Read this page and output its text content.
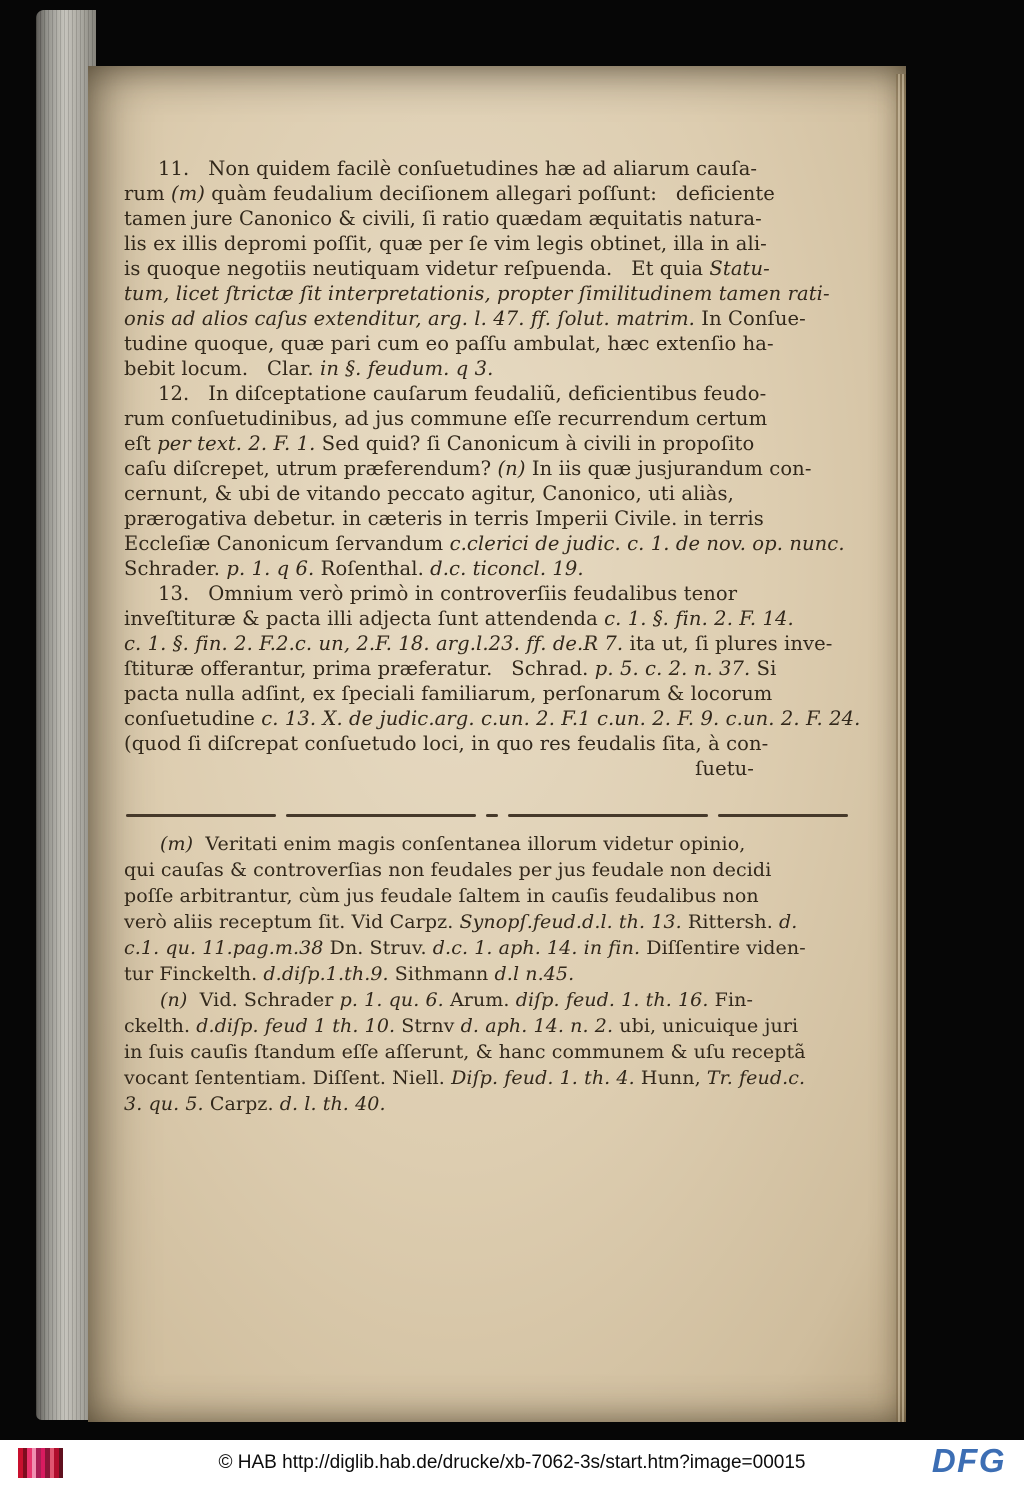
11.   Non quidem facilè conſuetudines hæ ad aliarum cauſa-
rum (m) quàm feudalium deciſionem allegari poſſunt:   deficiente
tamen jure Canonico & civili, ſi ratio quædam æquitatis natura-
lis ex illis depromi poſſit, quæ per ſe vim legis obtinet, illa in ali-
is quoque negotiis neutiquam videtur reſpuenda.   Et quia Statu-
tum, licet ſtrictæ ſit interpretationis, propter ſimilitudinem tamen rati-
onis ad alios caſus extenditur, arg. l. 47. ff. ſolut. matrim. In Conſue-
tudine quoque, quæ pari cum eo paſſu ambulat, hæc extenſio ha-
bebit locum.   Clar. in §. feudum. q 3.
12.   In diſceptatione cauſarum feudaliũ, deficientibus feudo-
rum conſuetudinibus, ad jus commune eſſe recurrendum certum
eſt per text. 2. F. 1. Sed quid? ſi Canonicum à civili in propoſito
caſu diſcrepet, utrum præferendum? (n) In iis quæ jusjurandum con-
cernunt, & ubi de vitando peccato agitur, Canonico, uti aliàs,
prærogativa debetur. in cæteris in terris Imperii Civile. in terris
Eccleſiæ Canonicum ſervandum c.clerici de judic. c. 1. de nov. op. nunc.
Schrader. p. 1. q 6. Roſenthal. d.c. ticoncl. 19.
13.   Omnium verò primò in controverſiis feudalibus tenor
inveſtituræ & pacta illi adjecta ſunt attendenda c. 1. §. fin. 2. F. 14.
c. 1. §. fin. 2. F.2.c. un, 2.F. 18. arg.l.23. ff. de.R 7. ita ut, ſi plures inve-
ſtituræ offerantur, prima præferatur.   Schrad. p. 5. c. 2. n. 37. Si
pacta nulla adſint, ex ſpeciali familiarum, perſonarum & locorum
conſuetudine c. 13. X. de judic.arg. c.un. 2. F.1 c.un. 2. F. 9. c.un. 2. F. 24.
(quod ſi diſcrepat conſuetudo loci, in quo res feudalis ſita, à con-
ſuetu-
(m)  Veritati enim magis conſentanea illorum videtur opinio,
qui cauſas & controverſias non feudales per jus feudale non decidi
poſſe arbitrantur, cùm jus feudale ſaltem in cauſis feudalibus non
verò aliis receptum ſit. Vid Carpz. Synopſ.feud.d.l. th. 13. Rittersh. d.
c.1. qu. 11.pag.m.38 Dn. Struv. d.c. 1. aph. 14. in fin. Diſſentire viden-
tur Finckelth. d.diſp.1.th.9. Sithmann d.l n.45.
(n)  Vid. Schrader p. 1. qu. 6. Arum. diſp. feud. 1. th. 16. Fin-
ckelth. d.diſp. feud 1 th. 10. Strnv d. aph. 14. n. 2. ubi, unicuique juri
in ſuis cauſis ſtandum eſſe aſſerunt, & hanc communem & uſu receptã
vocant ſententiam. Diſſent. Niell. Diſp. feud. 1. th. 4. Hunn, Tr. feud.c.
3. qu. 5. Carpz. d. l. th. 40.
© HAB http://diglib.hab.de/drucke/xb-7062-3s/start.htm?image=00015	DFG
